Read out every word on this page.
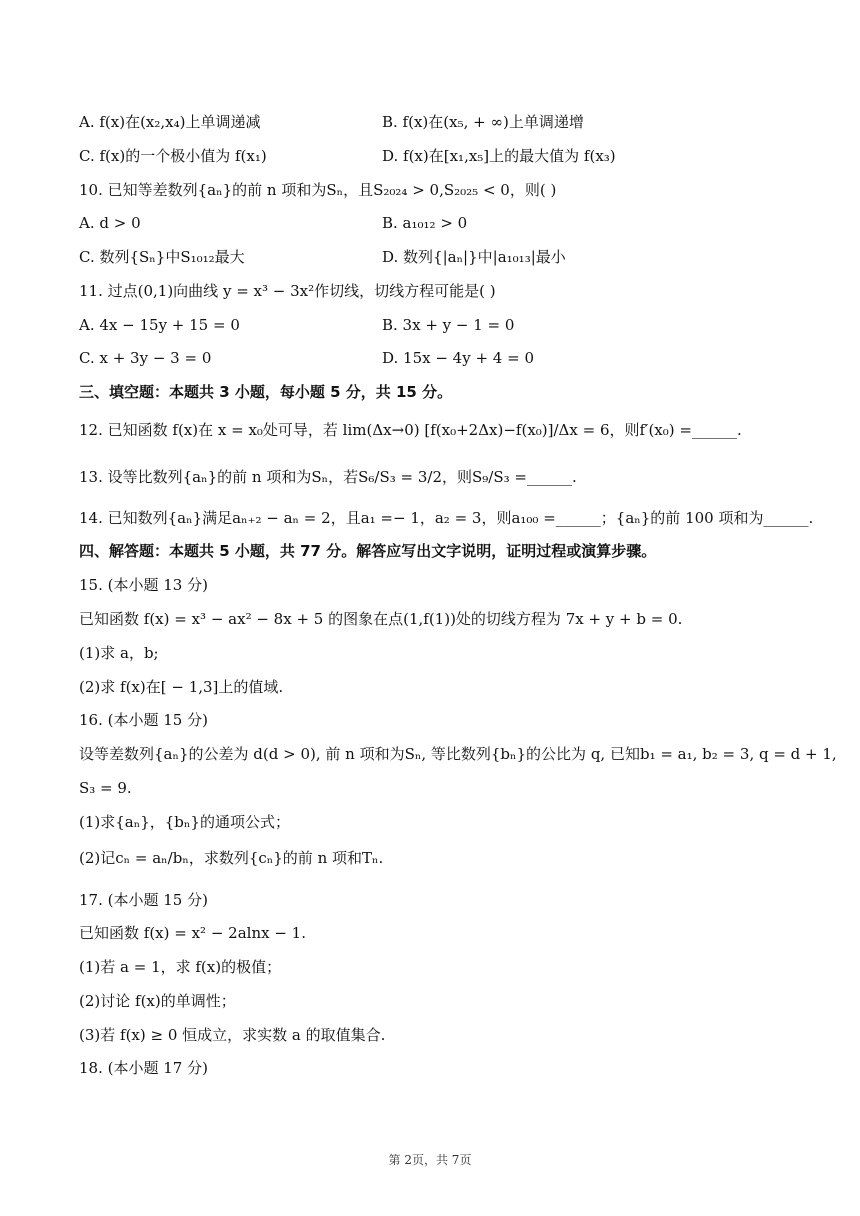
A. f(x)在(x₂,x₄)上单调递减	B. f(x)在(x₅, + ∞)上单调递增
C. f(x)的一个极小值为 f(x₁)	D. f(x)在[x₁,x₅]上的最大值为 f(x₃)
10. 已知等差数列{aₙ}的前 n 项和为Sₙ，且S₂₀₂₄ > 0,S₂₀₂₅ < 0，则( )
A. d > 0	B. a₁₀₁₂ > 0
C. 数列{Sₙ}中S₁₀₁₂最大	D. 数列{|aₙ|}中|a₁₀₁₃|最小
11. 过点(0,1)向曲线 y = x³ − 3x²作切线，切线方程可能是( )
A. 4x − 15y + 15 = 0	B. 3x + y − 1 = 0
C. x + 3y − 3 = 0	D. 15x − 4y + 4 = 0
三、填空题：本题共 3 小题，每小题 5 分，共 15 分。
12. 已知函数 f(x)在 x = x₀处可导，若 lim(Δx→0) [f(x₀+2Δx)−f(x₀)]/Δx = 6，则f′(x₀) =______.
13. 设等比数列{aₙ}的前 n 项和为Sₙ，若S₆/S₃ = 3/2，则S₉/S₃ =______.
14. 已知数列{aₙ}满足aₙ₊₂ − aₙ = 2，且a₁ =− 1，a₂ = 3，则a₁₀₀ =______；{aₙ}的前 100 项和为______.
四、解答题：本题共 5 小题，共 77 分。解答应写出文字说明，证明过程或演算步骤。
15. (本小题 13 分)
已知函数 f(x) = x³ − ax² − 8x + 5 的图象在点(1,f(1))处的切线方程为 7x + y + b = 0.
(1)求 a，b;
(2)求 f(x)在[ − 1,3]上的值域.
16. (本小题 15 分)
设等差数列{aₙ}的公差为 d(d > 0), 前 n 项和为Sₙ, 等比数列{bₙ}的公比为 q, 已知b₁ = a₁, b₂ = 3, q = d + 1,
S₃ = 9.
(1)求{aₙ}，{bₙ}的通项公式；
(2)记cₙ = aₙ/bₙ，求数列{cₙ}的前 n 项和Tₙ.
17. (本小题 15 分)
已知函数 f(x) = x² − 2alnx − 1.
(1)若 a = 1，求 f(x)的极值；
(2)讨论 f(x)的单调性；
(3)若 f(x) ≥ 0 恒成立，求实数 a 的取值集合.
18. (本小题 17 分)
第 2页，共 7页
